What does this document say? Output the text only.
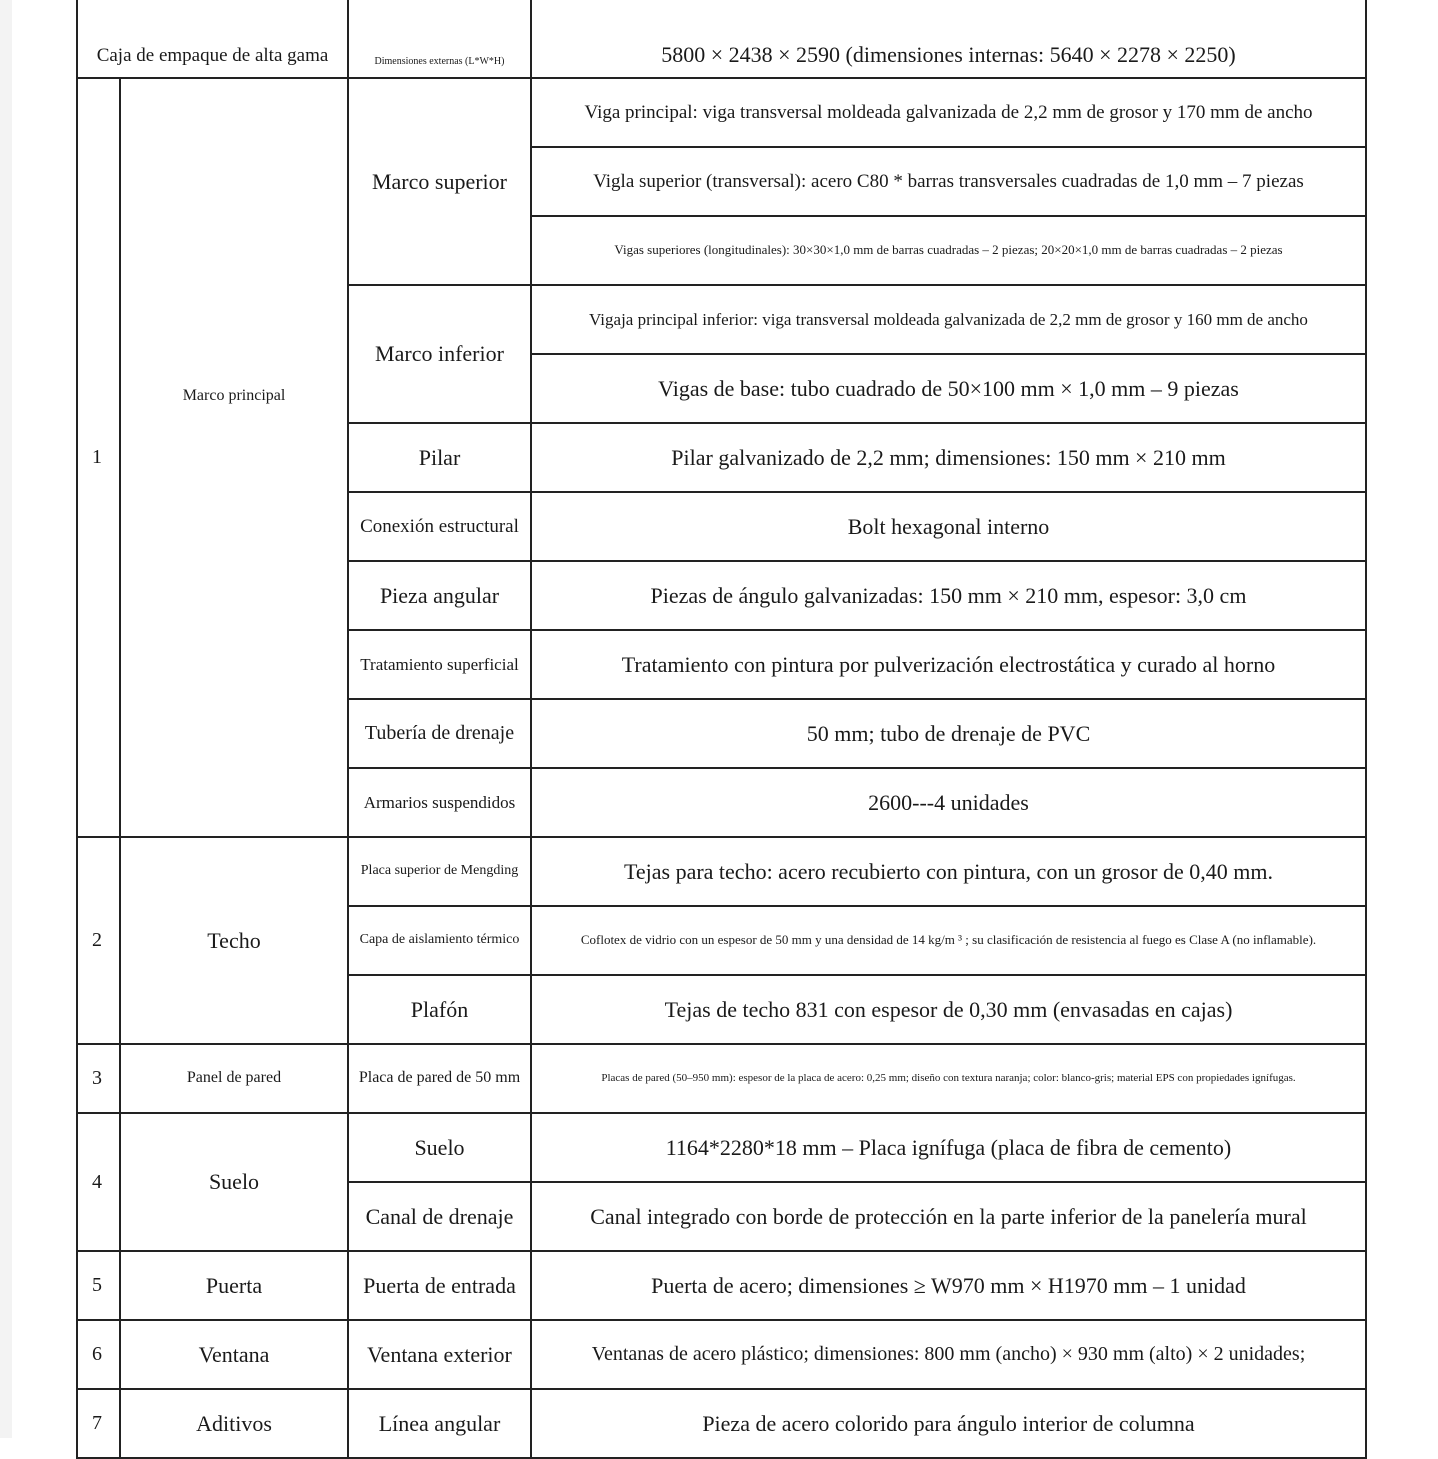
Caja de empaque de alta gama		Dimensiones externas (L*W*H)	5800 × 2438 × 2590 (dimensiones internas: 5640 × 2278 × 2250)
1	Marco principal	Marco superior	Viga principal: viga transversal moldeada galvanizada de 2,2 mm de grosor y 170 mm de ancho
			Vigla superior (transversal): acero C80 * barras transversales cuadradas de 1,0 mm – 7 piezas
			Vigas superiores (longitudinales): 30×30×1,0 mm de barras cuadradas – 2 piezas; 20×20×1,0 mm de barras cuadradas – 2 piezas
		Marco inferior	Vigaja principal inferior: viga transversal moldeada galvanizada de 2,2 mm de grosor y 160 mm de ancho
			Vigas de base: tubo cuadrado de 50×100 mm × 1,0 mm – 9 piezas
		Pilar	Pilar galvanizado de 2,2 mm; dimensiones: 150 mm × 210 mm
		Conexión estructural	Bolt hexagonal interno
		Pieza angular	Piezas de ángulo galvanizadas: 150 mm × 210 mm, espesor: 3,0 cm
		Tratamiento superficial	Tratamiento con pintura por pulverización electrostática y curado al horno
		Tubería de drenaje	50 mm; tubo de drenaje de PVC
		Armarios suspendidos	2600---4 unidades
2	Techo	Placa superior de Mengding	Tejas para techo: acero recubierto con pintura, con un grosor de 0,40 mm.
		Capa de aislamiento térmico	Coflotex de vidrio con un espesor de 50 mm y una densidad de 14 kg/m ³ ; su clasificación de resistencia al fuego es Clase A (no inflamable).
		Plafón	Tejas de techo 831 con espesor de 0,30 mm (envasadas en cajas)
3	Panel de pared	Placa de pared de 50 mm	Placas de pared (50–950 mm): espesor de la placa de acero: 0,25 mm; diseño con textura naranja; color: blanco-gris; material EPS con propiedades ignífugas.
4	Suelo	Suelo	1164*2280*18 mm – Placa ignífuga (placa de fibra de cemento)
		Canal de drenaje	Canal integrado con borde de protección en la parte inferior de la panelería mural
5	Puerta	Puerta de entrada	Puerta de acero; dimensiones ≥ W970 mm × H1970 mm – 1 unidad
6	Ventana	Ventana exterior	Ventanas de acero plástico; dimensiones: 800 mm (ancho) × 930 mm (alto) × 2 unidades;
7	Aditivos	Línea angular	Pieza de acero colorido para ángulo interior de columna
